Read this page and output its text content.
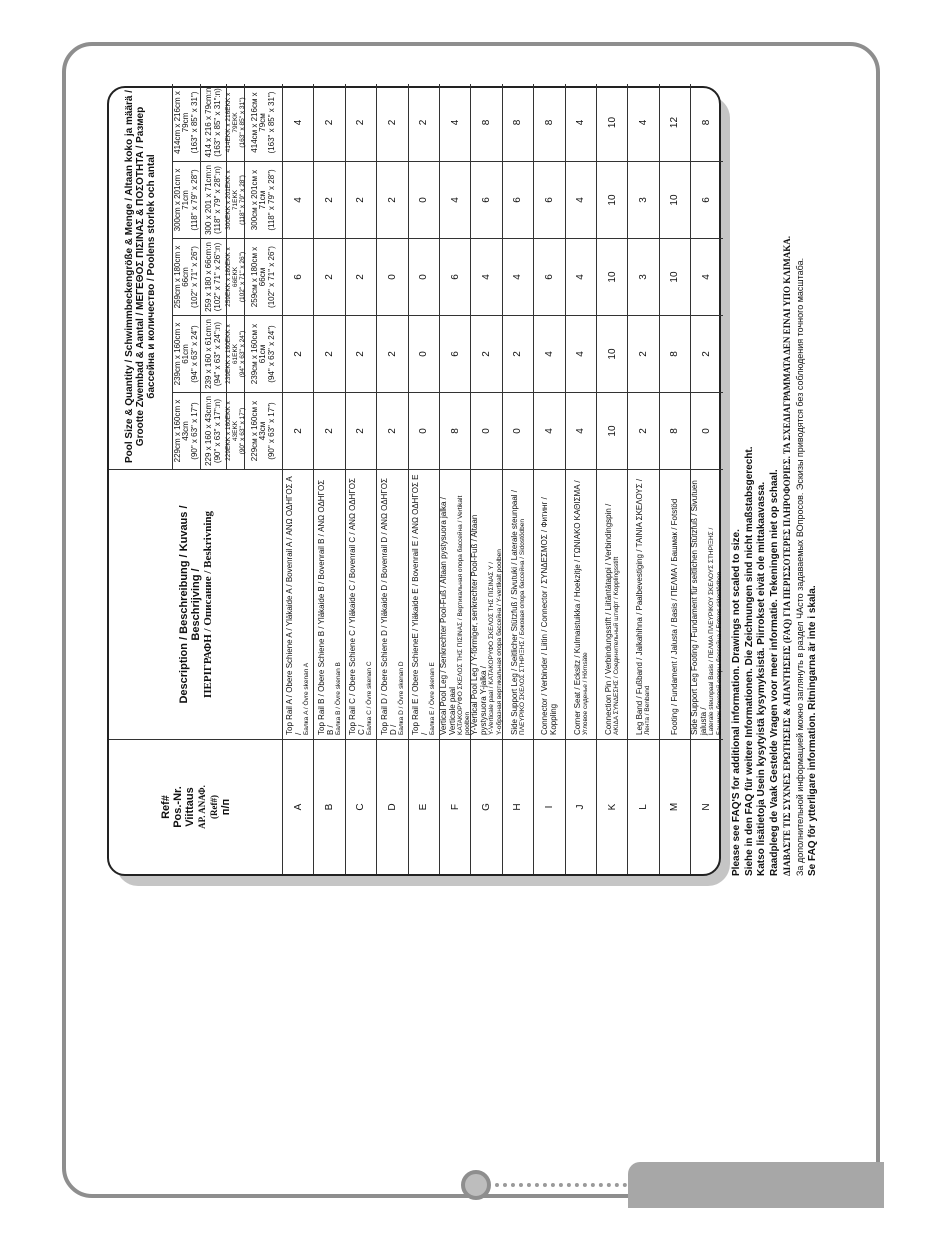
Ref# Pos.-Nr. Viittaus ΑΡ. ΑΝΑΦ. (Ref#) п/п
Description / Beschreibung / Kuvaus / Beschrijving / ΠΕΡΙΓΡΑΦΗ / Описание / Beskrivning
Pool Size & Quantity / Schwimmbeckengröße & Menge / Altaan koko ja määrä / Grootte Zwembad & Aantal / ΜΕΓΕΘΟΣ ΠΙΣΙΝΑΣ & ΠΟΣΟΤΗΤΑ / Размер бассейна и количество / Poolens storlek och antal
229cm x 160cm x 43cm (90" x 63" x 17")
239cm x 160cm x 61cm (94" x 63" x 24")
259cm x 180cm x 66cm (102" x 71" x 26")
300cm x 201cm x 71cm (118" x 79" x 28")
414cm x 216cm x 79cm (163" x 85" x 31")
229 x 160 x 43cm:n (90" x 63" x 17":n)
239 x 160 x 61cm:n (94" x 63" x 24":n)
259 x 180 x 66cm:n (102" x 71" x 26":n)
300 x 201 x 71cm:n (118" x 79" x 28":n)
414 x 216 x 79cm:n (163" x 85" x 31":n)
229ΕΚΚ x 160ΕΚΚ x 43ΕΚΚ (90" x 63" x 17")
239ΕΚΚ x 160ΕΚΚ x 61ΕΚΚ (94" x 63" x 24")
259ΕΚΚ x 180ΕΚΚ x 66ΕΚΚ (102" x 71" x 26")
300ΕΚΚ x 201ΕΚΚ x 71ΕΚΚ (118" x 79" x 28")
414ΕΚΚ x 216ΕΚΚ x 79ΕΚΚ (163" x 85" x 31")
229см x 160см x 43см (90" x 63" x 17")
239см x 160см x 61см (94" x 63" x 24")
259см x 180см x 66см (102" x 71" x 26")
300см x 201см x 71см (118" x 79" x 28")
414см x 216см x 79см (163" x 85" x 31")
A
Top Rail A / Obere Schiene A / Yläkaide A / Bovenrail A / ΑΝΩ ΟΔΗΓΟΣ Α / Балка A / Övre skenan A
2
2
6
4
4
B
Top Rail B / Obere Schiene B / Yläkaide B / Bovenrail B / ΑΝΩ ΟΔΗΓΟΣ Β / Балка B / Övre skenan B
2
2
2
2
2
C
Top Rail C / Obere Schiene C / Yläkaide C / Bovenrail C / ΑΝΩ ΟΔΗΓΟΣ C / Балка C / Övre skenan C
2
2
2
2
2
D
Top Rail D / Obere Schiene D / Yläkaide D / Bovenrail D / ΑΝΩ ΟΔΗΓΟΣ D / Балка D / Övre skenan D
2
2
0
2
2
E
Top Rail E / Obere SchieneE / Yläkaide E / Bovenrail E / ΑΝΩ ΟΔΗΓΟΣ Ε / Балка E / Övre skenan E
0
0
0
0
2
F
Vertical Pool Leg / Senkrechter Pool-Fuß / Altaan pystysuora jalka / Verticale paal ΚΑΤΑΚΟΡΥΦΟ ΣΚΕΛΟΣ ΤΗΣ ΠΙΣΙΝΑΣ / Вертикальная опора бассейна / Vertikalt poolben
8
6
6
4
4
G
Y-Vertical Pool Leg / Y-förmiger, senkrechter Pool-Fuß / Altaan pystysuora Y-jalka / Y-Verticale paal / ΚΑΤΑΚΟΡΥΦΟ ΣΚΕΛΟΣ ΤΗΣ ΠΙΣΙΝΑΣ Y / Y-образная вертикальная опора бассейна / Y-vertikalt poolben
0
2
4
6
8
H
Side Support Leg / Seitlicher Stützfuß / Sivutuki / Laterale steunpaal / ΠΛΕΥΡΙΚΟ ΣΚΕΛΟΣ ΣΤΗΡΙΞΗΣ / Боковая опора бассейна / Sidostödben
0
2
4
6
8
I
Connector / Verbinder / Liitin / Connector / ΣΥΝΔΕΣΜΟΣ / Фитинг / Koppling
4
4
6
6
8
J
Corner Seat / Ecksitz / Kulmaistuikka / Hoekzitje / ΓΩΝΙΑΚΟ ΚΑΘΙΣΜΑ / Угловое сиденье / Hörnsäte
4
4
4
4
4
K
Connection Pin / Verbindungsstift / Liitäntätappi / Verbindingspin / ΑΚΙΔΑ ΣΥΝΔΕΣΗΣ / Соединительный штифт / Kopplingsstift
10
10
10
10
10
L
Leg Band / Fußband / Jalkahihna / Paalbevestiging / ΤΑΙΝΙΑ ΣΚΕΛΟΥΣ / Лента / Benband
2
2
3
3
4
M
Footing / Fundament / Jalusta / Basis / ΠΕΛΜΑ / Башмак / Fotstöd
8
8
10
10
12
N
Side Support Leg Footing / Fundament für seitlichen Stützfuß / Sivutuen jalusta / Laterale steunpaal Basis / ΠΕΛΜΑ ΠΛΕΥΡΙΚΟΥ ΣΚΕΛΟΥΣ ΣΤΗΡΙΞΗΣ / Башмак боковой опоры бассейна / Fotens sidostödben
0
2
4
6
8
Please see FAQ'S for additional information. Drawings not scaled to size. Siehe in den FAQ für weitere Informationen. Die Zeichnungen sind nicht maßstabsgerecht. Katso lisätietoja Usein kysytyistä kysymyksistä. Piirrokset eivät ole mittakaavassa. Raadpleeg de Vaak Gestelde Vragen voor meer informatie. Tekeningen niet op schaal. ΔΙΑΒΑΣΤΕ ΤΙΣ ΣΥΧΝΕΣ ΕΡΩΤΗΣΕΙΣ & ΑΠΑΝΤΗΣΕΙΣ (FAQ) ΓΙΑ ΠΕΡΙΣΣΟΤΕΡΕΣ ΠΛΗΡΟΦΟΡΙΕΣ. ΤΑ ΣΧΕΔΙΑΓΡΑΜΜΑΤΑ ΔΕΝ ΕΙΝΑΙ ΥΠΟ ΚΛΙΜΑΚΑ. За дополнительной информацией можно заглянуть в раздел ЧАсто задаваемых ВОпросов. Эскизы приводятся без соблюдения точного масштаба. Se FAQ för ytterligare information. Ritningarna är inte i skala.
